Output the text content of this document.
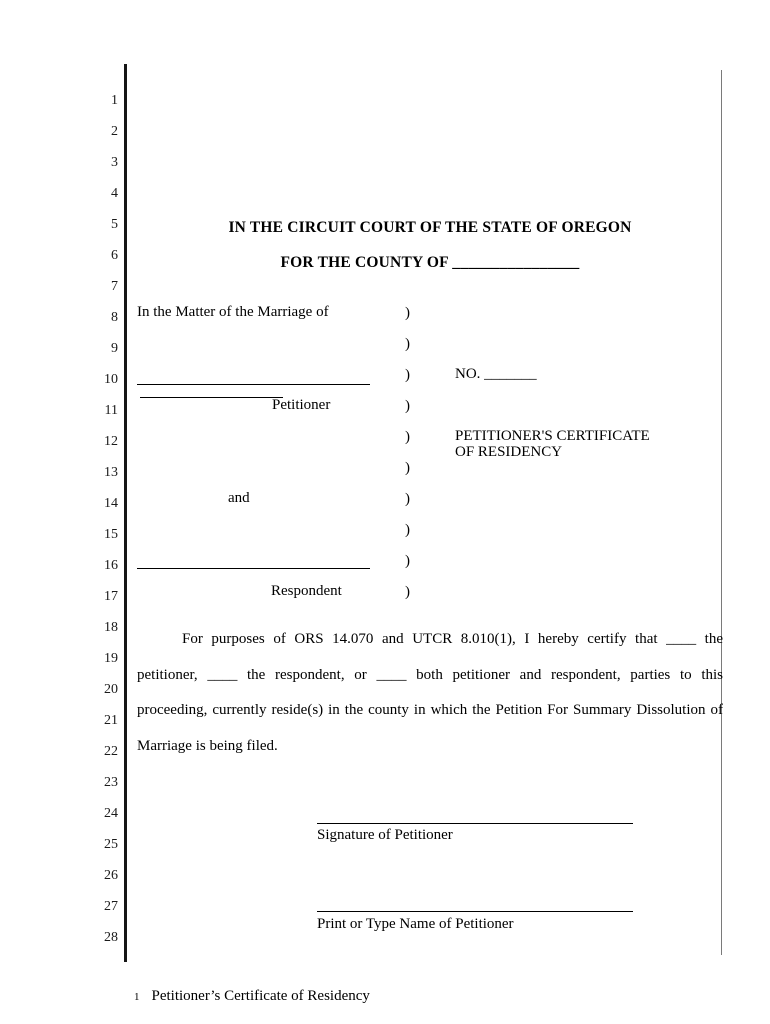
1
2
3
4
5
6
7
8
9
10
11
12
13
14
15
16
17
18
19
20
21
22
23
24
25
26
27
28
IN THE CIRCUIT COURT OF THE STATE OF OREGON
FOR THE COUNTY OF ________________
In the Matter of the Marriage of
Petitioner
and
Respondent
)
)
)
)
)
)
)
)
)
)
NO. _______
PETITIONER'S CERTIFICATE
OF RESIDENCY

For purposes of ORS 14.070 and UTCR 8.010(1), I hereby certify that ____ the petitioner, ____ the respondent, or ____ both petitioner and respondent, parties to this proceeding, currently reside(s) in the county in which the Petition For Summary Dissolution of Marriage is being filed.

Signature of Petitioner
Print or Type Name of Petitioner
1 Petitioner’s Certificate of Residency
